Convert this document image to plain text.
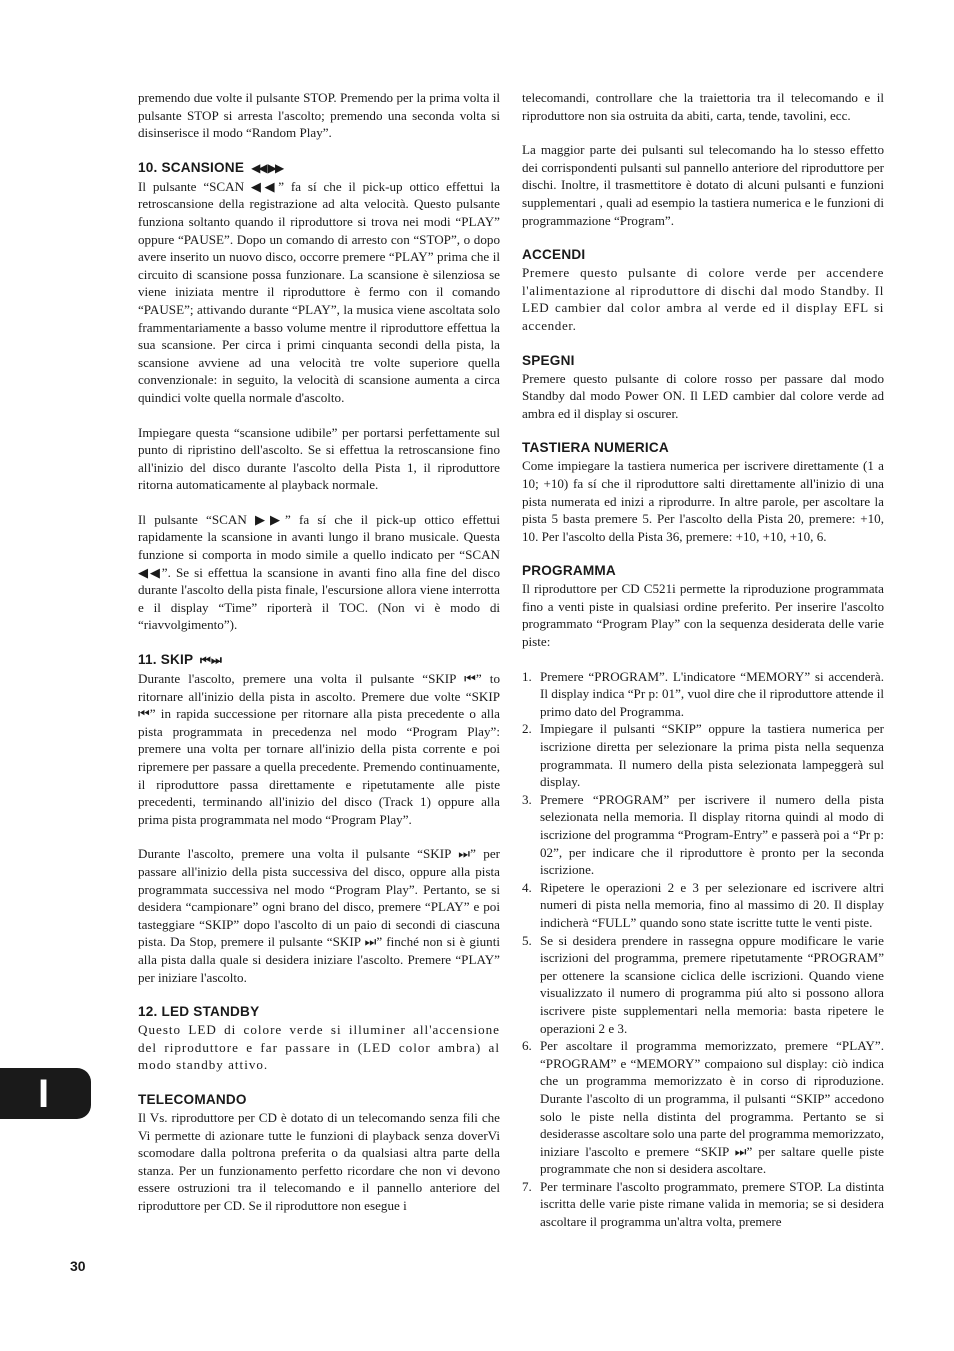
premendo due volte il pulsante STOP. Premendo per la prima volta il pulsante STOP si arresta l'ascolto; premendo una seconda volta si disinserisce il modo “Random Play”.

10. SCANSIONE ◀◀ ▶▶

Il pulsante “SCAN ◀◀” fa sí che il pick-up ottico effettui la retroscansione della registrazione ad alta velocità. Questo pulsante funziona soltanto quando il riproduttore si trova nei modi “PLAY” oppure “PAUSE”. Dopo un comando di arresto con “STOP”, o dopo avere inserito un nuovo disco, occorre premere “PLAY” prima che il circuito di scansione possa funzionare. La scansione è silenziosa se viene iniziata mentre il riproduttore è fermo con il comando “PAUSE”; attivando durante “PLAY”, la musica viene ascoltata solo frammentariamente a basso volume mentre il riproduttore effettua la sua scansione. Per circa i primi cinquanta secondi della pista, la scansione avviene ad una velocità tre volte superiore quella convenzionale: in seguito, la velocità di scansione aumenta a circa quindici volte quella normale d'ascolto.

Impiegare questa “scansione udibile” per portarsi perfettamente sul punto di ripristino dell'ascolto. Se si effettua la retroscansione fino all'inizio del disco durante l'ascolto della Pista 1, il riproduttore ritorna automaticamente al playback normale.

Il pulsante “SCAN ▶▶” fa sí che il pick-up ottico effettui rapidamente la scansione in avanti lungo il brano musicale. Questa funzione si comporta in modo simile a quello indicato per “SCAN ◀◀”. Se si effettua la scansione in avanti fino alla fine del disco durante l'ascolto della pista finale, l'escursione allora viene interrotta e il display “Time” riporterà il TOC. (Non vi è modo di “riavvolgimento”).

11. SKIP ⏮ ⏭

Durante l'ascolto, premere una volta il pulsante “SKIP ⏮” to ritornare all'inizio della pista in ascolto. Premere due volte “SKIP ⏮” in rapida successione per ritornare alla pista precedente o alla pista programmata in precedenza nel modo “Program Play”: premere una volta per tornare all'inizio della pista corrente e poi ripremere per passare a quella precedente. Premendo continuamente, il riproduttore passa direttamente e ripetutamente alle piste precedenti, terminando all'inizio del disco (Track 1) oppure alla prima pista programmata nel modo “Program Play”.

Durante l'ascolto, premere una volta il pulsante “SKIP ⏭” per passare all'inizio della pista successiva del disco, oppure alla pista programmata successiva nel modo “Program Play”. Pertanto, se si desidera “campionare” ogni brano del disco, premere “PLAY” e poi tasteggiare “SKIP” dopo l'ascolto di un paio di secondi di ciascuna pista. Da Stop, premere il pulsante “SKIP ⏭” finché non si è giunti alla pista dalla quale si desidera iniziare l'ascolto. Premere “PLAY” per iniziare l'ascolto.

12. LED STANDBY

Questo LED di colore verde si illuminer all'accensione del riproduttore e far passare in (LED color ambra) al modo standby attivo.

TELECOMANDO

Il Vs. riproduttore per CD è dotato di un telecomando senza fili che Vi permette di azionare tutte le funzioni di playback senza doverVi scomodare dalla poltrona preferita o da qualsiasi altra parte della stanza. Per un funzionamento perfetto ricordare che non vi devono essere ostruzioni tra il telecomando e il pannello anteriore del riproduttore per CD. Se il riproduttore non esegue i

telecomandi, controllare che la traiettoria tra il telecomando e il riproduttore non sia ostruita da abiti, carta, tende, tavolini, ecc.

La maggior parte dei pulsanti sul telecomando ha lo stesso effetto dei corrispondenti pulsanti sul pannello anteriore del riproduttore per dischi. Inoltre, il trasmettitore è dotato di alcuni pulsanti e funzioni supplementari , quali ad esempio la tastiera numerica e le funzioni di programmazione “Program”.

ACCENDI

Premere questo pulsante di colore verde per accendere l'alimentazione al riproduttore di dischi dal modo Standby. Il LED cambier dal color ambra al verde ed il display EFL si accender.

SPEGNI

Premere questo pulsante di colore rosso per passare dal modo Standby dal modo Power ON. Il LED cambier dal colore verde ad ambra ed il display si oscurer.

TASTIERA NUMERICA

Come impiegare la tastiera numerica per iscrivere direttamente (1 a 10; +10) fa sí che il riproduttore salti direttamente all'inizio di una pista numerata ed inizi a riprodurre. In altre parole, per ascoltare la pista 5 basta premere 5. Per l'ascolto della Pista 20, premere: +10, 10. Per l'ascolto della Pista 36, premere: +10, +10, +10, 6.

PROGRAMMA

Il riproduttore per CD C521i permette la riproduzione programmata fino a venti piste in qualsiasi ordine preferito. Per inserire l'ascolto programmato “Program Play” con la sequenza desiderata delle varie piste:

1. Premere “PROGRAM”. L'indicatore “MEMORY” si accenderà. Il display indica “Pr p: 01”, vuol dire che il riproduttore attende il primo dato del Programma.
2. Impiegare il pulsanti “SKIP” oppure la tastiera numerica per iscrizione diretta per selezionare la prima pista nella sequenza programmata. Il numero della pista selezionata lampeggerà sul display.
3. Premere “PROGRAM” per iscrivere il numero della pista selezionata nella memoria. Il display ritorna quindi al modo di iscrizione del programma “Program-Entry” e passerà poi a “Pr p: 02”, per indicare che il riproduttore è pronto per la seconda iscrizione.
4. Ripetere le operazioni 2 e 3 per selezionare ed iscrivere altri numeri di pista nella memoria, fino al massimo di 20. Il display indicherà “FULL” quando sono state iscritte tutte le venti piste.
5. Se si desidera prendere in rassegna oppure modificare le varie iscrizioni del programma, premere ripetutamente “PROGRAM” per ottenere la scansione ciclica delle iscrizioni. Quando viene visualizzato il numero di programma piú alto si possono allora iscrivere piste supplementari nella memoria: basta ripetere le operazioni 2 e 3.
6. Per ascoltare il programma memorizzato, premere “PLAY”. “PROGRAM” e “MEMORY” compaiono sul display: ciò indica che un programma memorizzato è in corso di riproduzione. Durante l'ascolto di un programma, il pulsanti “SKIP” accedono solo le piste nella distinta del programma. Pertanto se si desiderasse ascoltare solo una parte del programma memorizzato, iniziare l'ascolto e premere “SKIP ⏭” per saltare quelle piste programmate che non si desidera ascoltare.
7. Per terminare l'ascolto programmato, premere STOP. La distinta iscritta delle varie piste rimane valida in memoria; se si desidera ascoltare il programma un'altra volta, premere
I
30
